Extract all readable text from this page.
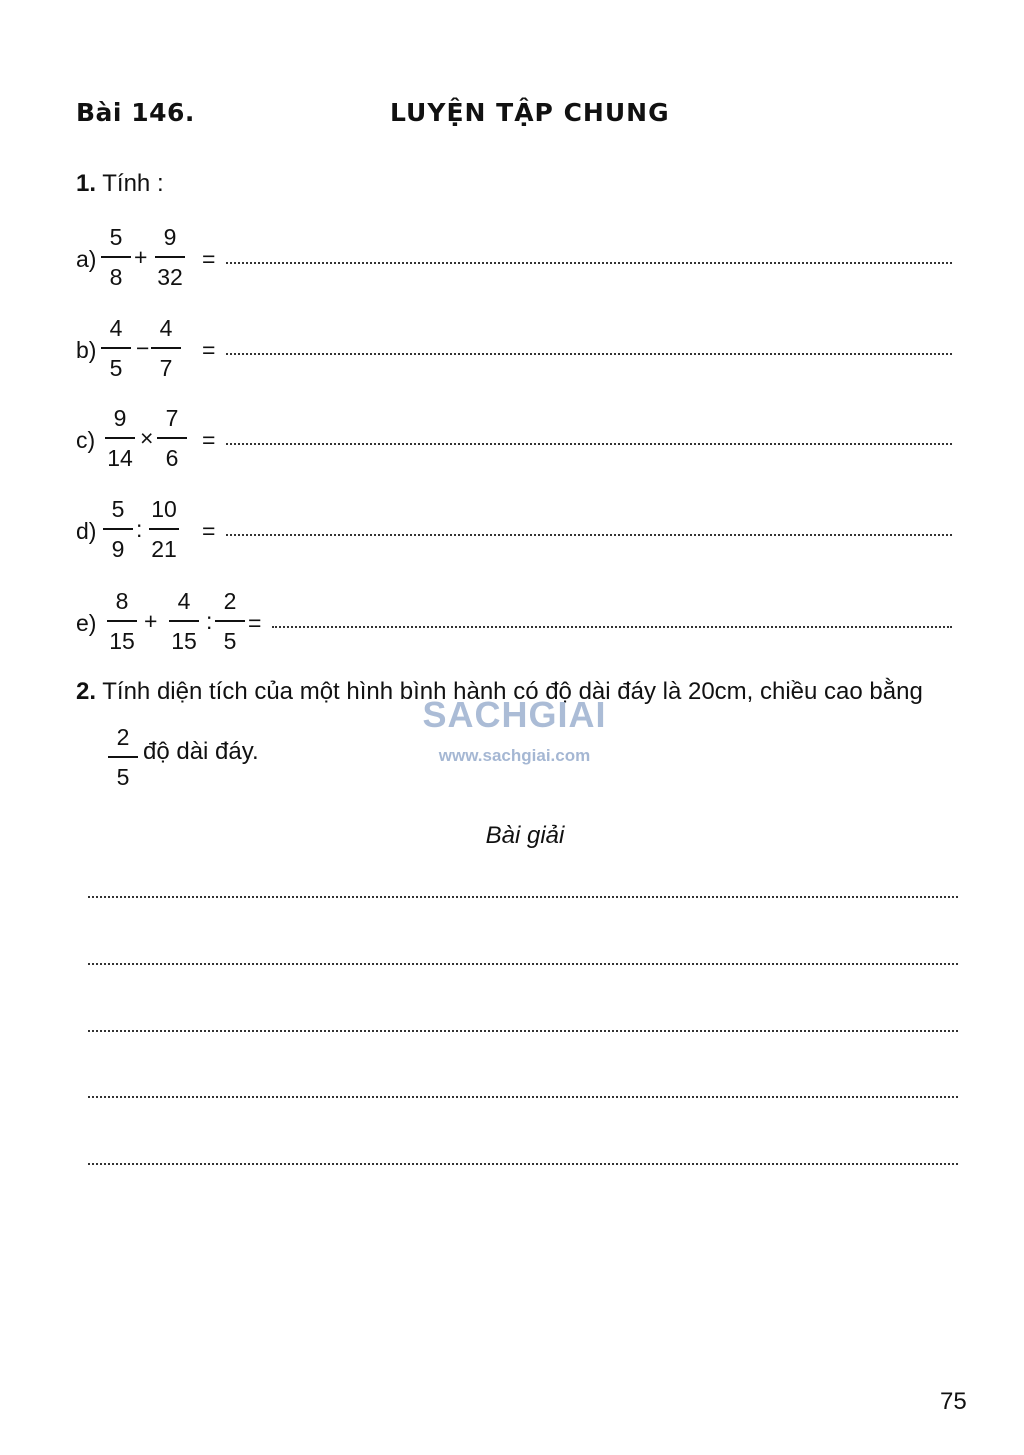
Bài 146.	LUYỆN TẬP CHUNG
1. Tính :
a)
5
8
+
9
32
=
b)
4
5
−
4
7
=
c)
9
14
×
7
6
=
d)
5
9
:
10
21
=
e)
8
15
+
4
15
:
2
5
=
2. Tính diện tích của một hình bình hành có độ dài đáy là 20cm, chiều cao bằng
2
5
độ dài đáy.
SACHGIAI
www.sachgiai.com
Bài giải
75
